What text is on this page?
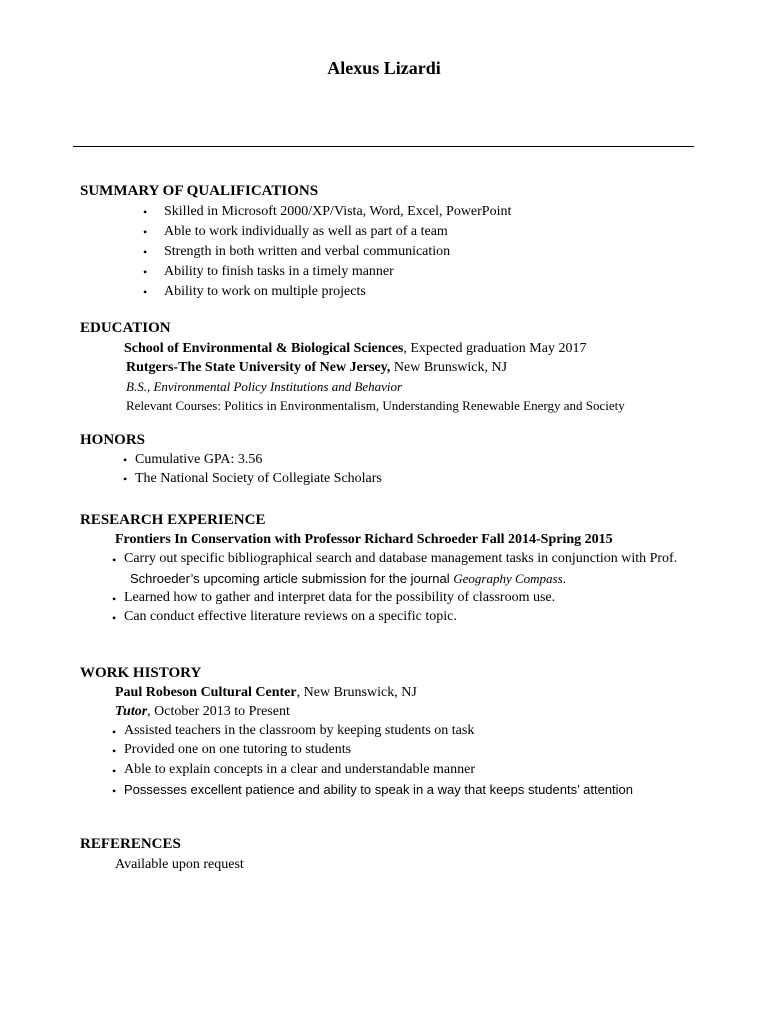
Alexus Lizardi
SUMMARY OF QUALIFICATIONS
• Skilled in Microsoft 2000/XP/Vista, Word, Excel, PowerPoint
• Able to work individually as well as part of a team
• Strength in both written and verbal communication
• Ability to finish tasks in a timely manner
• Ability to work on multiple projects
EDUCATION
School of Environmental & Biological Sciences, Expected graduation May 2017
Rutgers-The State University of New Jersey, New Brunswick, NJ
B.S., Environmental Policy Institutions and Behavior
Relevant Courses: Politics in Environmentalism, Understanding Renewable Energy and Society
HONORS
• Cumulative GPA: 3.56
• The National Society of Collegiate Scholars
RESEARCH EXPERIENCE
Frontiers In Conservation with Professor Richard Schroeder Fall 2014-Spring 2015
• Carry out specific bibliographical search and database management tasks in conjunction with Prof.
Schroeder’s upcoming article submission for the journal Geography Compass.
• Learned how to gather and interpret data for the possibility of classroom use.
• Can conduct effective literature reviews on a specific topic.
WORK HISTORY
Paul Robeson Cultural Center, New Brunswick, NJ
Tutor, October 2013 to Present
• Assisted teachers in the classroom by keeping students on task
• Provided one on one tutoring to students
• Able to explain concepts in a clear and understandable manner
• Possesses excellent patience and ability to speak in a way that keeps students’ attention
REFERENCES
Available upon request
